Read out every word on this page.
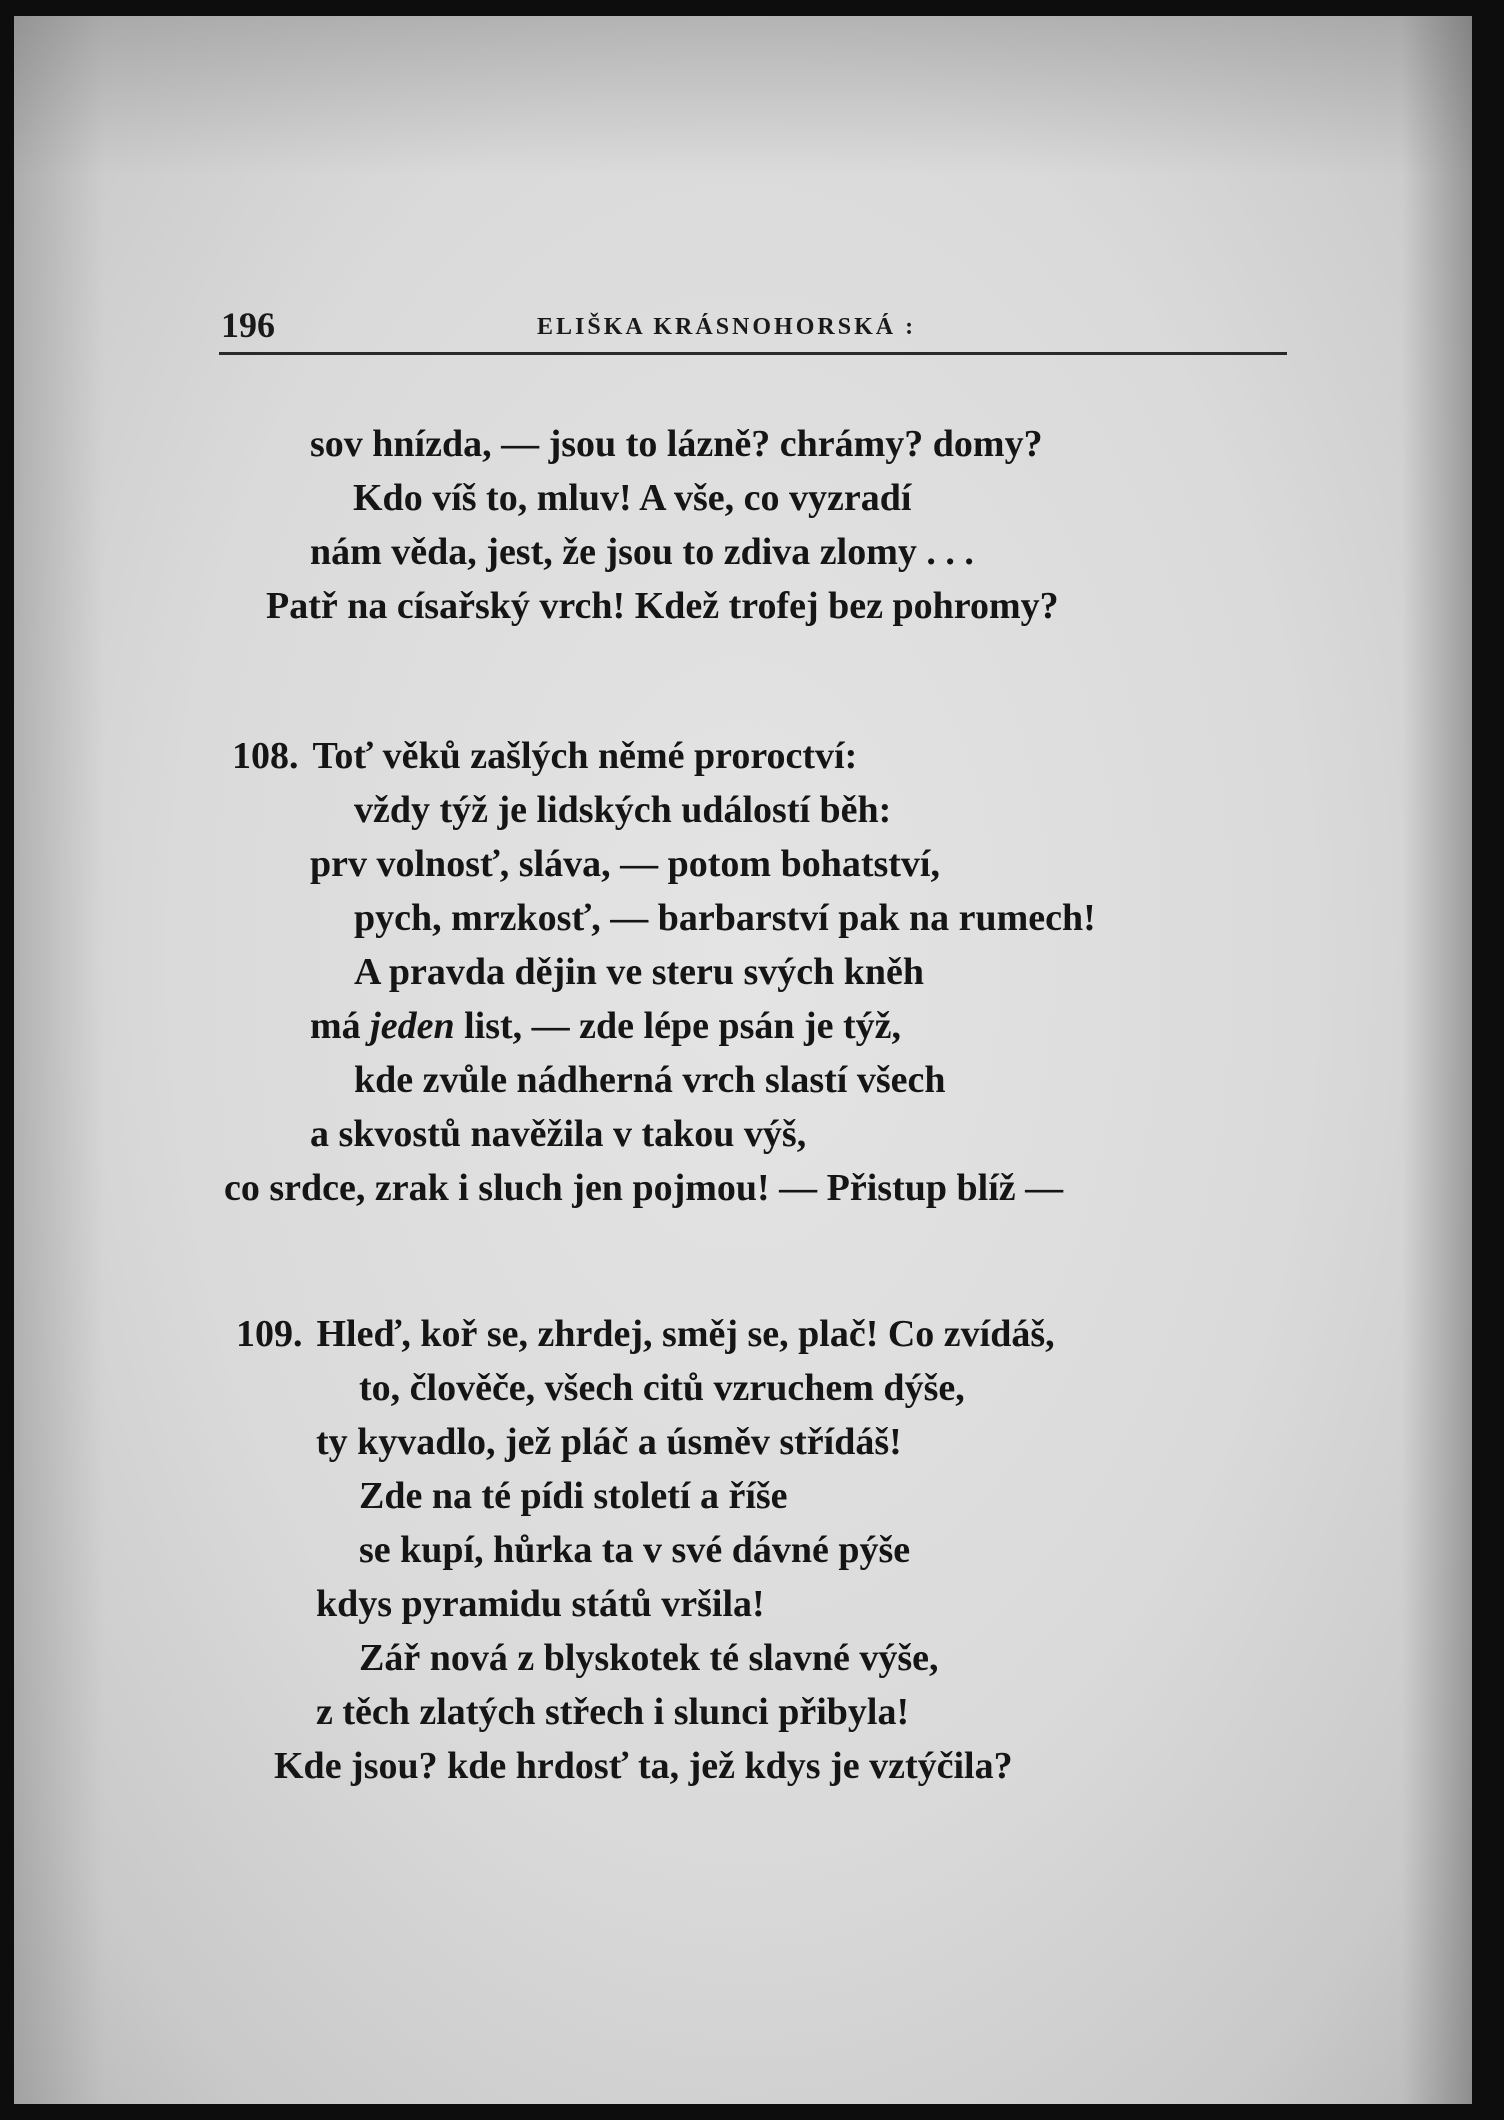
196	ELIŠKA KRÁSNOHORSKÁ :
sov hnízda, — jsou to lázně? chrámy? domy?
Kdo víš to, mluv! A vše, co vyzradí
nám věda, jest, že jsou to zdiva zlomy . . .
Patř na císařský vrch! Kdež trofej bez pohromy?
108. Toť věků zašlých němé proroctví:
vždy týž je lidských událostí běh:
prv volnosť, sláva, — potom bohatství,
pych, mrzkosť, — barbarství pak na rumech!
A pravda dějin ve steru svých kněh
má jeden list, — zde lépe psán je týž,
kde zvůle nádherná vrch slastí všech
a skvostů navěžila v takou výš,
co srdce, zrak i sluch jen pojmou! — Přistup blíž —
109. Hleď, koř se, zhrdej, směj se, plač! Co zvídáš,
to, člověče, všech citů vzruchem dýše,
ty kyvadlo, jež pláč a úsměv střídáš!
Zde na té pídi století a říše
se kupí, hůrka ta v své dávné pýše
kdys pyramidu států vršila!
Zář nová z blyskotek té slavné výše,
z těch zlatých střech i slunci přibyla!
Kde jsou? kde hrdosť ta, jež kdys je vztýčila?
